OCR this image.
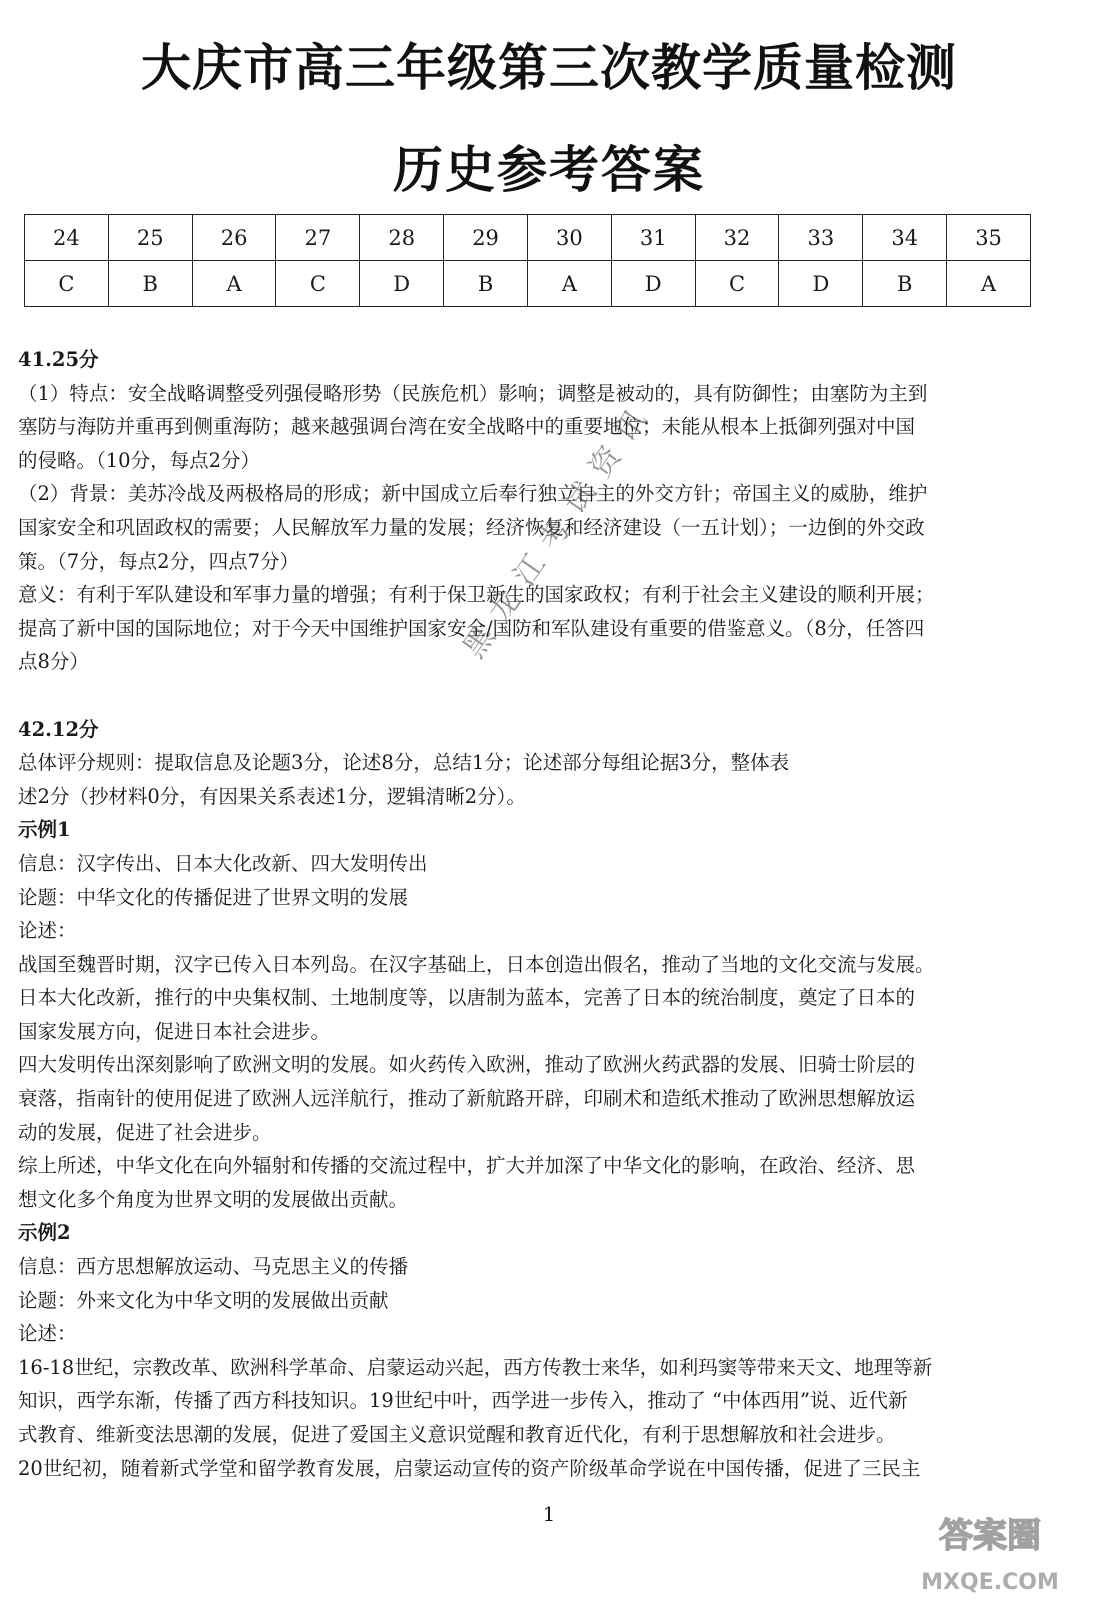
大庆市高三年级第三次教学质量检测
历史参考答案
24	25	26	27	28	29	30	31	32	33	34	35
C	B	A	C	D	B	A	D	C	D	B	A

41.25分

（1）特点：安全战略调整受列强侵略形势（民族危机）影响；调整是被动的，具有防御性；由塞防为主到

塞防与海防并重再到侧重海防；越来越强调台湾在安全战略中的重要地位；未能从根本上抵御列强对中国

的侵略。（10分，每点2分）

（2）背景：美苏冷战及两极格局的形成；新中国成立后奉行独立自主的外交方针；帝国主义的威胁，维护

国家安全和巩固政权的需要；人民解放军力量的发展；经济恢复和经济建设（一五计划）；一边倒的外交政

策。（7分，每点2分，四点7分）

意义：有利于军队建设和军事力量的增强；有利于保卫新生的国家政权；有利于社会主义建设的顺利开展；

提高了新中国的国际地位；对于今天中国维护国家安全/国防和军队建设有重要的借鉴意义。（8分，任答四

点8分）

42.12分

总体评分规则：提取信息及论题3分，论述8分，总结1分；论述部分每组论据3分，整体表

述2分（抄材料0分，有因果关系表述1分，逻辑清晰2分）。

示例1

信息：汉字传出、日本大化改新、四大发明传出

论题：中华文化的传播促进了世界文明的发展

论述：

战国至魏晋时期，汉字已传入日本列岛。在汉字基础上，日本创造出假名，推动了当地的文化交流与发展。

日本大化改新，推行的中央集权制、土地制度等，以唐制为蓝本，完善了日本的统治制度，奠定了日本的

国家发展方向，促进日本社会进步。

四大发明传出深刻影响了欧洲文明的发展。如火药传入欧洲，推动了欧洲火药武器的发展、旧骑士阶层的

衰落，指南针的使用促进了欧洲人远洋航行，推动了新航路开辟，印刷术和造纸术推动了欧洲思想解放运

动的发展，促进了社会进步。

综上所述，中华文化在向外辐射和传播的交流过程中，扩大并加深了中华文化的影响，在政治、经济、思

想文化多个角度为世界文明的发展做出贡献。

示例2

信息：西方思想解放运动、马克思主义的传播

论题：外来文化为中华文明的发展做出贡献

论述：

16-18世纪，宗教改革、欧洲科学革命、启蒙运动兴起，西方传教士来华，如利玛窦等带来天文、地理等新

知识，西学东渐，传播了西方科技知识。19世纪中叶，西学进一步传入，推动了 “中体西用”说、近代新

式教育、维新变法思潮的发展，促进了爱国主义意识觉醒和教育近代化，有利于思想解放和社会进步。

20世纪初，随着新式学堂和留学教育发展，启蒙运动宣传的资产阶级革命学说在中国传播，促进了三民主

黑龙江考试资讯
1
答案圈
MXQE.COM
